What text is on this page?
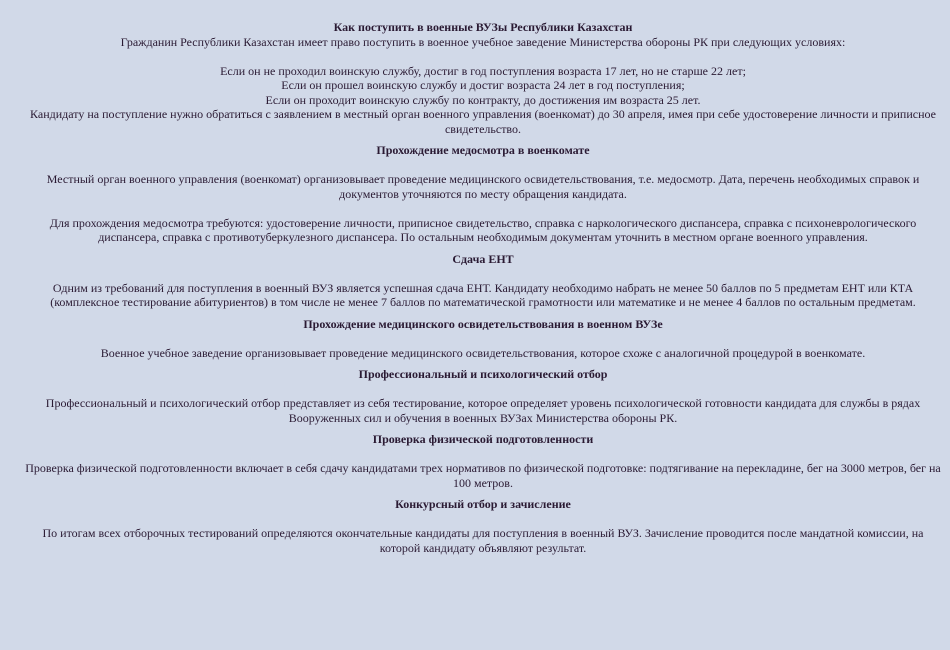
Как поступить в военные ВУЗы Республики Казахстан

Гражданин Республики Казахстан имеет право поступить в военное учебное заведение Министерства обороны РК при следующих условиях:

Если он не проходил воинскую службу, достиг в год поступления возраста 17 лет, но не старше 22 лет;

Если он прошел воинскую службу и достиг возраста 24 лет в год поступления;

Если он проходит воинскую службу по контракту, до достижения им возраста 25 лет.

Кандидату на поступление нужно обратиться с заявлением в местный орган военного управления (военкомат) до 30 апреля, имея при себе удостоверение личности и приписное свидетельство.

Прохождение медосмотра в военкомате

Местный орган военного управления (военкомат) организовывает проведение медицинского освидетельствования, т.е. медосмотр. Дата, перечень необходимых справок и документов уточняются по месту обращения кандидата.

Для прохождения медосмотра требуются: удостоверение личности, приписное свидетельство, справка с наркологического диспансера, справка с психоневрологического диспансера, справка с противотуберкулезного диспансера. По остальным необходимым документам уточнить в местном органе военного управления.

Сдача ЕНТ

Одним из требований для поступления в военный ВУЗ является успешная сдача ЕНТ. Кандидату необходимо набрать не менее 50 баллов по 5 предметам ЕНТ или КТА (комплексное тестирование абитуриентов) в том числе не менее 7 баллов по математической грамотности или математике и не менее 4 баллов по остальным предметам.

Прохождение медицинского освидетельствования в военном ВУЗе

Военное учебное заведение организовывает проведение медицинского освидетельствования, которое схоже с аналогичной процедурой в военкомате.

Профессиональный и психологический отбор

Профессиональный и психологический отбор представляет из себя тестирование, которое определяет уровень психологической готовности кандидата для службы в рядах Вооруженных сил и обучения в военных ВУЗах Министерства обороны РК.

Проверка физической подготовленности

Проверка физической подготовленности включает в себя сдачу кандидатами трех нормативов по физической подготовке: подтягивание на перекладине, бег на 3000 метров, бег на 100 метров.

Конкурсный отбор и зачисление

По итогам всех отборочных тестирований определяются окончательные кандидаты для поступления в военный ВУЗ. Зачисление проводится после мандатной комиссии, на которой кандидату объявляют результат.
